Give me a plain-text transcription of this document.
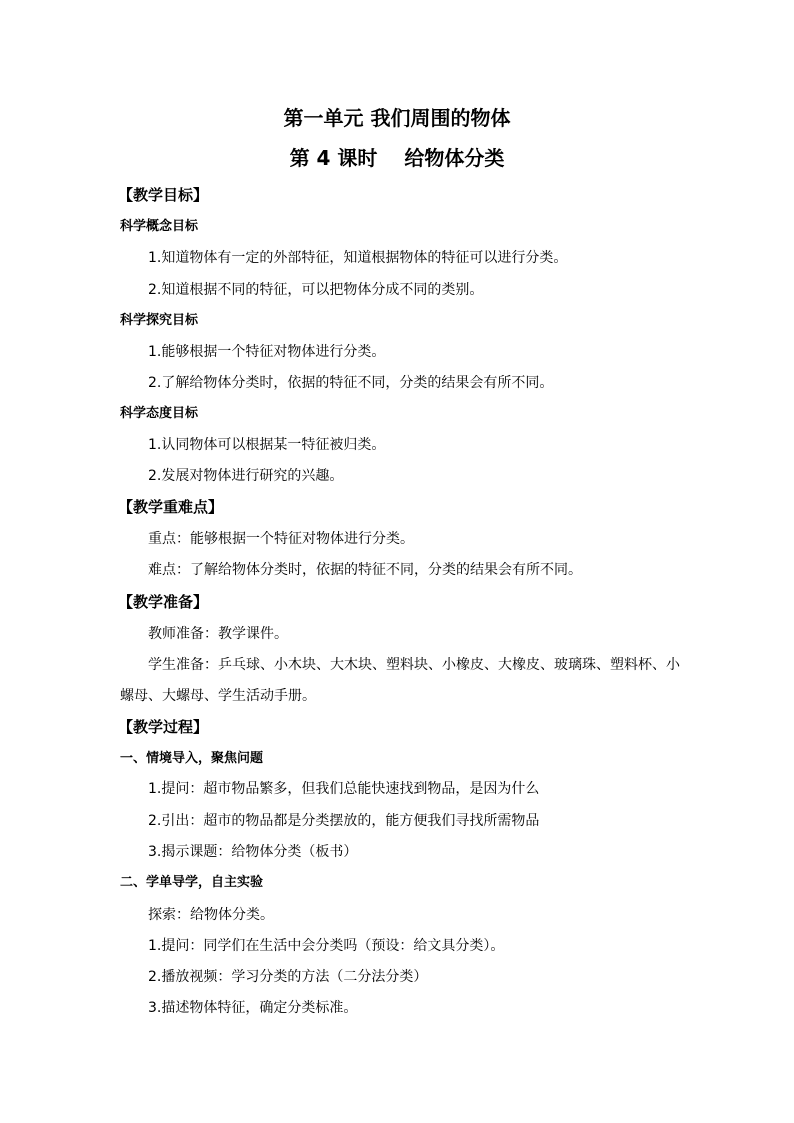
第一单元 我们周围的物体
第 4 课时　 给物体分类
【教学目标】
科学概念目标
1.知道物体有一定的外部特征，知道根据物体的特征可以进行分类。
2.知道根据不同的特征，可以把物体分成不同的类别。
科学探究目标
1.能够根据一个特征对物体进行分类。
2.了解给物体分类时，依据的特征不同，分类的结果会有所不同。
科学态度目标
1.认同物体可以根据某一特征被归类。
2.发展对物体进行研究的兴趣。
【教学重难点】
重点：能够根据一个特征对物体进行分类。
难点：了解给物体分类时，依据的特征不同，分类的结果会有所不同。
【教学准备】
教师准备：教学课件。
学生准备：乒乓球、小木块、大木块、塑料块、小橡皮、大橡皮、玻璃珠、塑料杯、小
螺母、大螺母、学生活动手册。
【教学过程】
一、情境导入，聚焦问题
1.提问：超市物品繁多，但我们总能快速找到物品，是因为什么
2.引出：超市的物品都是分类摆放的，能方便我们寻找所需物品
3.揭示课题：给物体分类（板书）
二、学单导学，自主实验
探索：给物体分类。
1.提问：同学们在生活中会分类吗（预设：给文具分类）。
2.播放视频：学习分类的方法（二分法分类）
3.描述物体特征，确定分类标准。
